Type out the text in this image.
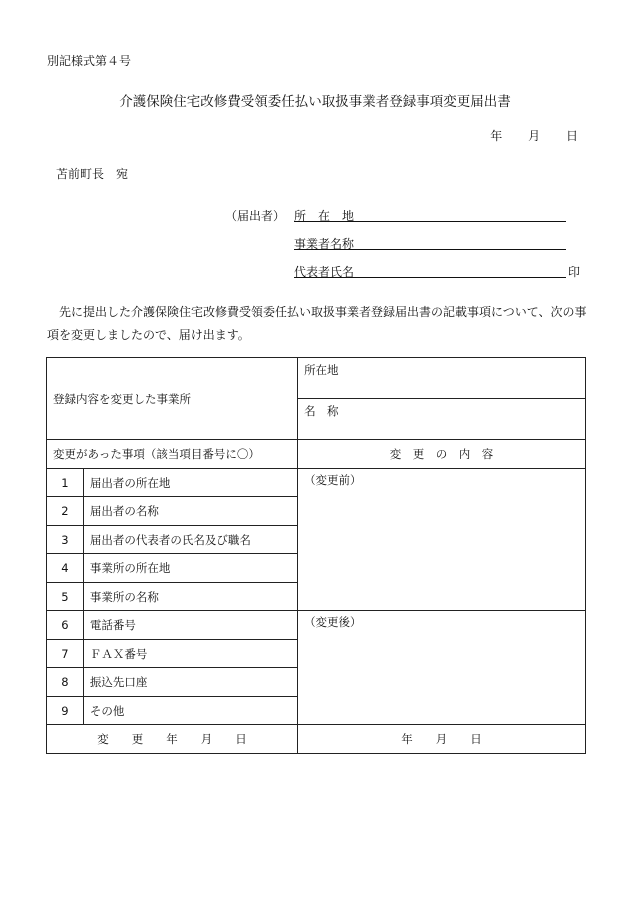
別記様式第４号
介護保険住宅改修費受領委任払い取扱事業者登録事項変更届出書
年 月 日
苫前町長　宛
（届出者） 所　在　地
事業者名称
代表者氏名	印
　先に提出した介護保険住宅改修費受領委任払い取扱事業者登録届出書の記載事項について、次の事項を変更しましたので、届け出ます。
登録内容を変更した事業所		所在地
		名　称
変更があった事項（該当項目番号に〇）		変　更　の　内　容
1	届出者の所在地	（変更前）
2	届出者の名称	
3	届出者の代表者の氏名及び職名	
4	事業所の所在地	
5	事業所の名称	
6	電話番号	（変更後）
7	ＦＡＸ番号	
8	振込先口座	
9	その他	
変　　更　　年　　月　　日		年　　月　　日
